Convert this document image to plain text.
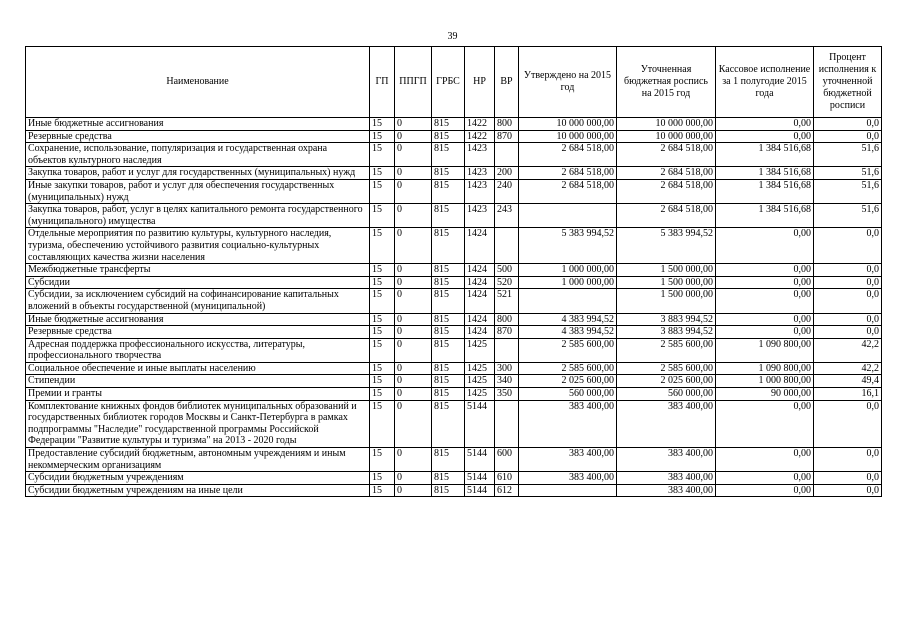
39
Наименование	ГП	ППГП	ГРБС	НР	ВР	Утверждено на 2015 год	Уточненная бюджетная роспись на 2015 год	Кассовое исполнение за 1 полугодие 2015 года	Процент исполнения к уточненной бюджетной росписи
Иные бюджетные ассигнования	15	0	815	1422	800	10 000 000,00	10 000 000,00	0,00	0,0
Резервные средства	15	0	815	1422	870	10 000 000,00	10 000 000,00	0,00	0,0
Сохранение, использование, популяризация и государственная охрана объектов культурного наследия	15	0	815	1423		2 684 518,00	2 684 518,00	1 384 516,68	51,6
Закупка товаров, работ и услуг для государственных (муниципальных) нужд	15	0	815	1423	200	2 684 518,00	2 684 518,00	1 384 516,68	51,6
Иные закупки товаров, работ и услуг для обеспечения государственных (муниципальных) нужд	15	0	815	1423	240	2 684 518,00	2 684 518,00	1 384 516,68	51,6
Закупка товаров, работ, услуг в целях капитального ремонта государственного (муниципального) имущества	15	0	815	1423	243		2 684 518,00	1 384 516,68	51,6
Отдельные мероприятия по развитию культуры, культурного наследия, туризма, обеспечению устойчивого развития социально-культурных составляющих качества жизни населения	15	0	815	1424		5 383 994,52	5 383 994,52	0,00	0,0
Межбюджетные трансферты	15	0	815	1424	500	1 000 000,00	1 500 000,00	0,00	0,0
Субсидии	15	0	815	1424	520	1 000 000,00	1 500 000,00	0,00	0,0
Субсидии, за исключением субсидий на софинансирование капитальных вложений в объекты государственной (муниципальной)	15	0	815	1424	521		1 500 000,00	0,00	0,0
Иные бюджетные ассигнования	15	0	815	1424	800	4 383 994,52	3 883 994,52	0,00	0,0
Резервные средства	15	0	815	1424	870	4 383 994,52	3 883 994,52	0,00	0,0
Адресная поддержка профессионального искусства, литературы, профессионального творчества	15	0	815	1425		2 585 600,00	2 585 600,00	1 090 800,00	42,2
Социальное обеспечение и иные выплаты населению	15	0	815	1425	300	2 585 600,00	2 585 600,00	1 090 800,00	42,2
Стипендии	15	0	815	1425	340	2 025 600,00	2 025 600,00	1 000 800,00	49,4
Премии и гранты	15	0	815	1425	350	560 000,00	560 000,00	90 000,00	16,1
Комплектование книжных фондов библиотек муниципальных образований и государственных библиотек городов Москвы и Санкт-Петербурга в рамках подпрограммы "Наследие" государственной программы Российской Федерации "Развитие культуры и туризма" на 2013 - 2020 годы	15	0	815	5144		383 400,00	383 400,00	0,00	0,0
Предоставление субсидий бюджетным, автономным учреждениям и иным некоммерческим организациям	15	0	815	5144	600	383 400,00	383 400,00	0,00	0,0
Субсидии бюджетным учреждениям	15	0	815	5144	610	383 400,00	383 400,00	0,00	0,0
Субсидии бюджетным учреждениям на иные цели	15	0	815	5144	612		383 400,00	0,00	0,0
